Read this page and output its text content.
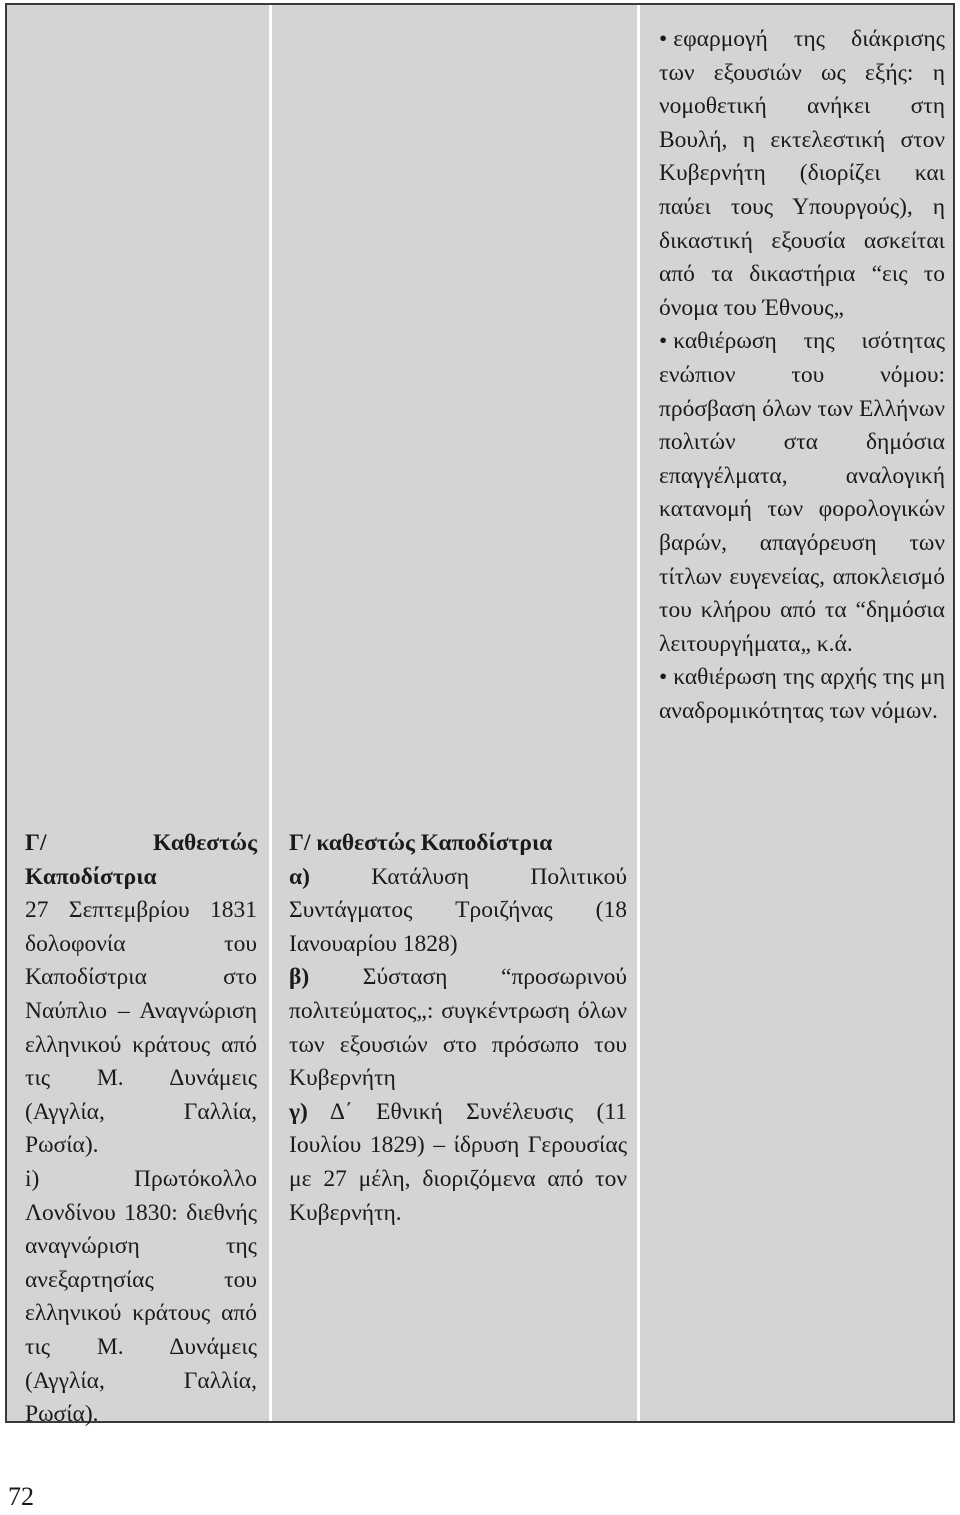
Γ/ Καθεστώς Καποδίστρια

27 Σεπτεμβρίου 1831 δολοφονία του Καποδίστρια στο Ναύπλιο – Αναγνώριση ελληνικού κράτους από τις Μ. Δυνάμεις (Αγγλία, Γαλλία, Ρωσία).

i) Πρωτόκολλο Λονδίνου 1830: διεθνής αναγνώριση της ανεξαρτησίας του ελληνικού κράτους από τις Μ. Δυνάμεις (Αγγλία, Γαλλία, Ρωσία).

Γ/ καθεστώς Καποδίστρια

α)	Κατάλυση Πολιτικού Συντάγματος Τροιζήνας (18 Ιανουαρίου 1828)

β) Σύσταση “προσωρινού πολιτεύματος„: συγκέντρωση όλων των εξουσιών στο πρόσωπο του Κυβερνήτη

γ) Δ΄ Εθνική Συνέλευσις (11 Ιουλίου 1829) – ίδρυση Γερουσίας με 27 μέλη, διοριζόμενα από τον Κυβερνήτη.

• εφαρμογή της διάκρισης των εξουσιών ως εξής: η νομοθετική ανήκει στη Βουλή, η εκτελεστική στον Κυβερνήτη (διορίζει και παύει τους Υπουργούς), η δικαστική εξουσία ασκείται από τα δικαστήρια “εις το όνομα του Έθνους„

• καθιέρωση της ισότητας ενώπιον του νόμου: πρόσβαση όλων των Ελλήνων πολιτών στα δημόσια επαγγέλματα, αναλογική κατανομή των φορολογικών βαρών, απαγόρευση των τίτλων ευγενείας, αποκλεισμό του κλήρου από τα “δημόσια λειτουργήματα„ κ.ά.

• καθιέρωση της αρχής της μη αναδρομικότητας των νόμων.

72
